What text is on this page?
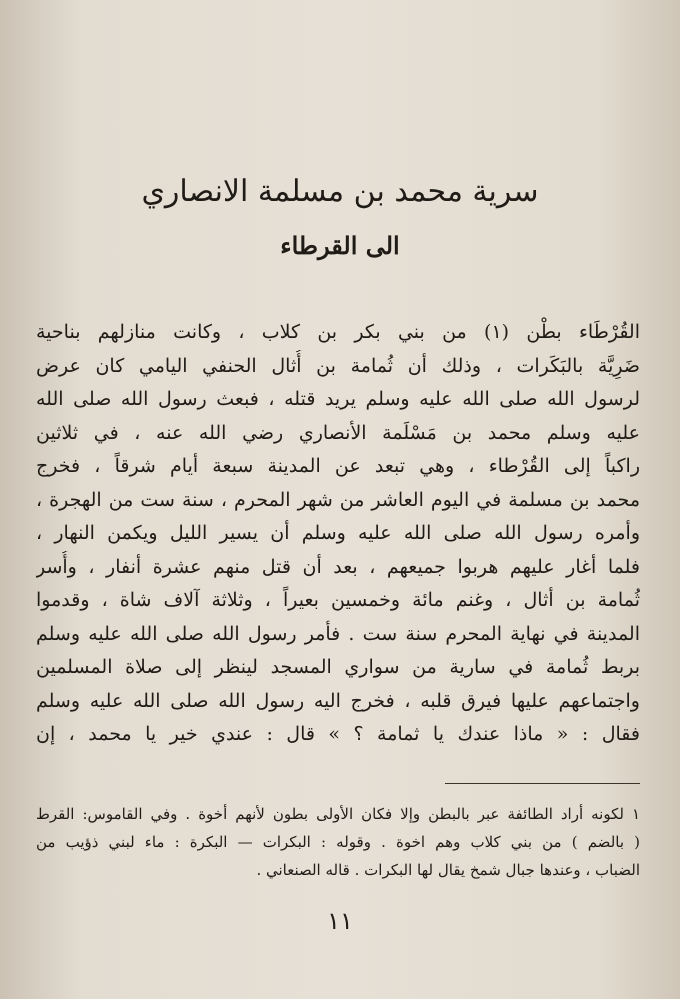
سرية محمد بن مسلمة الانصاري
الى القرطاء
القُرْطَاء بطْن (١) من بني بكر بن كلاب ، وكانت منازلهم بناحية
ضَرِيَّة بالبَكَرات ، وذلك أن ثُمامة بن أُثال الحنفي اليامي كان عرض
لرسول الله صلى الله عليه وسلم يريد قتله ، فبعث رسول الله صلى الله
عليه وسلم محمد بن مَسْلَمة الأنصاري رضي الله عنه ، في ثلاثين
راكباً إلى القُرْطاء ، وهي تبعد عن المدينة سبعة أيام شرقاً ، فخرج
محمد بن مسلمة في اليوم العاشر من شهر المحرم ، سنة ست من الهجرة ،
وأمره رسول الله صلى الله عليه وسلم أن يسير الليل ويكمن النهار ،
فلما أغار عليهم هربوا جميعهم ، بعد أن قتل منهم عشرة أنفار ، وأُسر
ثُمامة بن أثال ، وغنم مائة وخمسين بعيراً ، وثلاثة آلاف شاة ، وقدموا
المدينة في نهاية المحرم سنة ست . فأمر رسول الله صلى الله عليه وسلم
بربط ثُمامة في سارية من سواري المسجد لينظر إلى صلاة المسلمين
واجتماعهم عليها فيرق قلبه ، فخرج اليه رسول الله صلى الله عليه وسلم
فقال : « ماذا عندك يا ثمامة ؟ » قال : عندي خير يا محمد ، إن
١ لكونه أراد الطائفة عبر بالبطن وإلا فكان الأولى بطون لأنهم أخوة . وفي القاموس: القرط
( بالضم ) من بني كلاب وهم اخوة . وقوله : البكرات — البكرة : ماء لبني ذؤيب من
الضباب ، وعندها جبال شمخ يقال لها البكرات . قاله الصنعاني .
١١
